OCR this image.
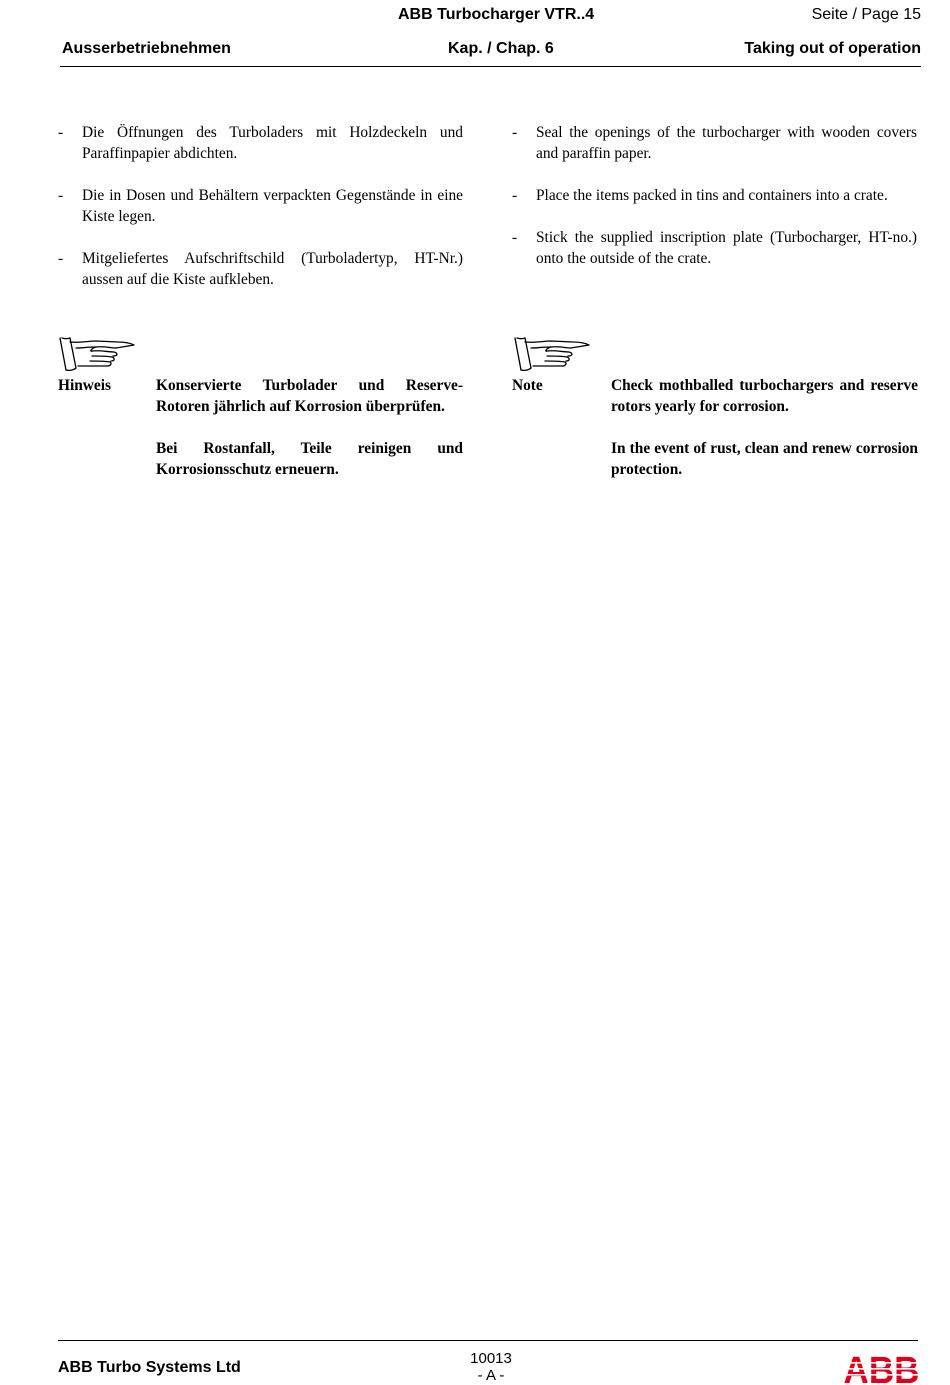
ABB Turbocharger VTR..4	Seite / Page 15
Ausserbetriebnehmen	Kap. / Chap. 6	Taking out of operation
-	Die Öffnungen des Turboladers mit Holzdeckeln und Paraffinpapier abdichten.
-	Die in Dosen und Behältern verpackten Gegenstände in eine Kiste legen.
-	Mitgeliefertes Aufschriftschild (Turboladertyp, HT-Nr.) aussen auf die Kiste aufkleben.
-	Seal the openings of the turbocharger with wooden covers and paraffin paper.
-	Place the items packed in tins and containers into a crate.
-	Stick the supplied inscription plate (Turbocharger, HT-no.) onto the outside of the crate.
Hinweis	Konservierte Turbolader und Reserve-Rotoren jährlich auf Korrosion überprüfen.

Bei Rostanfall, Teile reinigen und Korrosionsschutz erneuern.

Note	Check mothballed turbochargers and reserve rotors yearly for corrosion.

In the event of rust, clean and renew corrosion protection.

ABB Turbo Systems Ltd
10013
- A -
